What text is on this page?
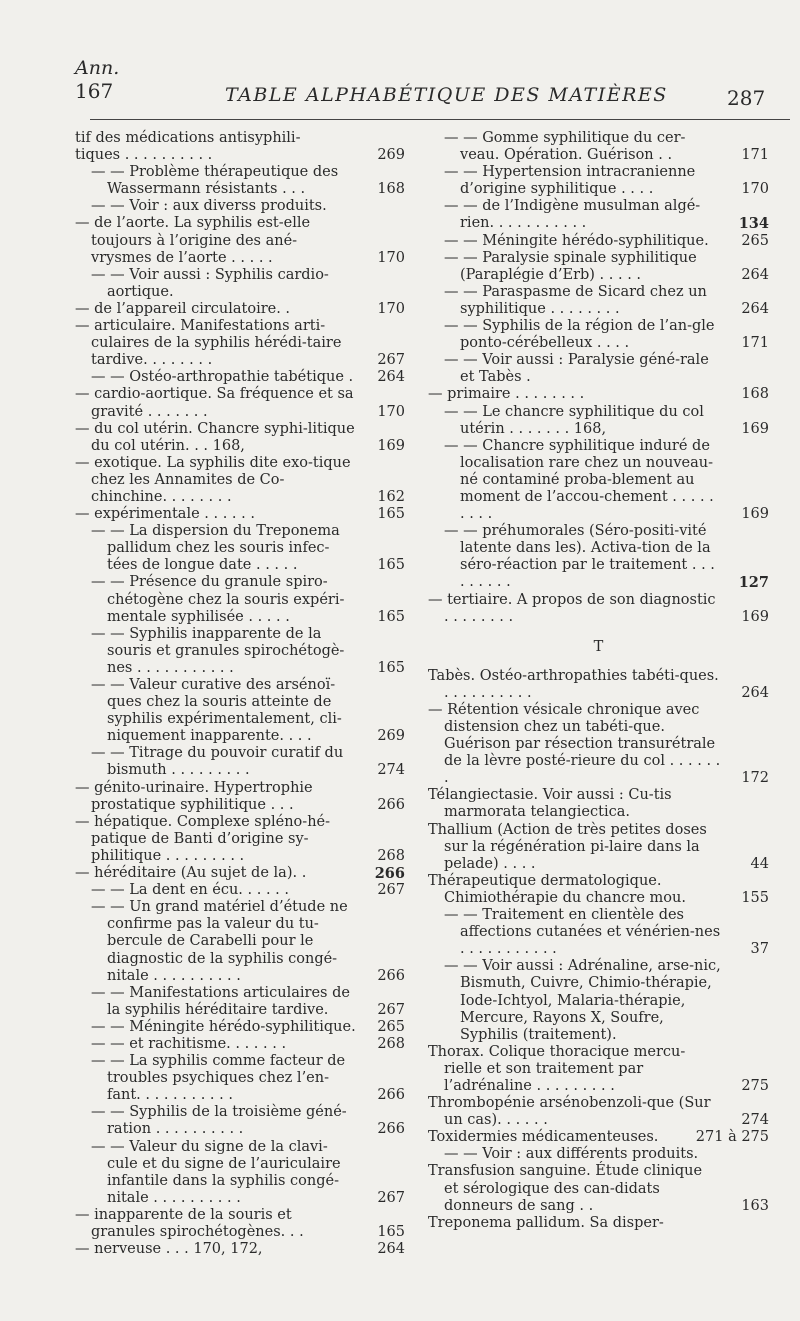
Ann.
167	TABLE ALPHABÉTIQUE DES MATIÈRES	287
tif des médications antisyphili-
tiques . . . . . . . . . .	269
— — Problème thérapeutique des Wassermann résistants . . .	168
— — Voir : aux diverss produits.
— de l’aorte. La syphilis est-elle toujours à l’origine des ané-vrysmes de l’aorte . . . . .	170
— — Voir aussi : Syphilis cardio-aortique.
— de l’appareil circulatoire. .	170
— articulaire. Manifestations arti-culaires de la syphilis hérédi-taire tardive. . . . . . . .	267
— — Ostéo-arthropathie tabétique .	264
— cardio-aortique. Sa fréquence et sa gravité . . . . . . .	170
— du col utérin. Chancre syphi-litique du col utérin. . . 168,	169
— exotique. La syphilis dite exo-tique chez les Annamites de Co-chinchine. . . . . . . .	162
— expérimentale . . . . . .	165
— — La dispersion du Treponema pallidum chez les souris infec-tées de longue date . . . . .	165
— — Présence du granule spiro-chétogène chez la souris expéri-mentale syphilisée . . . . .	165
— — Syphilis inapparente de la souris et granules spirochétogè-nes . . . . . . . . . . .	165
— — Valeur curative des arsénoï-ques chez la souris atteinte de syphilis expérimentalement, cli-niquement inapparente. . . .	269
— — Titrage du pouvoir curatif du bismuth . . . . . . . . .	274
— génito-urinaire. Hypertrophie prostatique syphilitique . . .	266
— hépatique. Complexe spléno-hé-patique de Banti d’origine sy-philitique . . . . . . . . .	268
— héréditaire (Au sujet de la). .	266
— — La dent en écu. . . . . .	267
— — Un grand matériel d’étude ne confirme pas la valeur du tu-bercule de Carabelli pour le diagnostic de la syphilis congé-nitale . . . . . . . . . .	266
— — Manifestations articulaires de la syphilis héréditaire tardive.	267
— — Méningite hérédo-syphilitique.	265
— — et rachitisme. . . . . . .	268
— — La syphilis comme facteur de troubles psychiques chez l’en-fant. . . . . . . . . . .	266
— — Syphilis de la troisième géné-ration . . . . . . . . . .	266
— — Valeur du signe de la clavi-cule et du signe de l’auriculaire infantile dans la syphilis congé-nitale . . . . . . . . . .	267
— inapparente de la souris et granules spirochétogènes. . .	165
— nerveuse . . . 170, 172,	264
— — Gomme syphilitique du cer-veau. Opération. Guérison . .	171
— — Hypertension intracranienne d’origine syphilitique . . . .	170
— — de l’Indigène musulman algé-rien. . . . . . . . . . .	134
— — Méningite hérédo-syphilitique.	265
— — Paralysie spinale syphilitique (Paraplégie d’Erb) . . . . .	264
— — Paraspasme de Sicard chez un syphilitique . . . . . . . .	264
— — Syphilis de la région de l’an-gle ponto-cérébelleux . . . .	171
— — Voir aussi : Paralysie géné-rale et Tabès .
— primaire . . . . . . . .	168
— — Le chancre syphilitique du col utérin . . . . . . . 168,	169
— — Chancre syphilitique induré de localisation rare chez un nouveau-né contaminé proba-blement au moment de l’accou-chement . . . . . . . . .	169
— — préhumorales (Séro-positi-vité latente dans les). Activa-tion de la séro-réaction par le traitement . . . . . . . . .	127
— tertiaire. A propos de son diagnostic . . . . . . . .	169
T
Tabès. Ostéo-arthropathies tabéti-ques. . . . . . . . . . .	264
— Rétention vésicale chronique avec distension chez un tabéti-que. Guérison par résection transurétrale de la lèvre posté-rieure du col . . . . . . .	172
Télangiectasie. Voir aussi : Cu-tis marmorata telangiectica.
Thallium (Action de très petites doses sur la régénération pi-laire dans la pelade) . . . .	44
Thérapeutique dermatologique. Chimiothérapie du chancre mou.	155
— — Traitement en clientèle des affections cutanées et vénérien-nes . . . . . . . . . . .	37
— — Voir aussi : Adrénaline, arse-nic, Bismuth, Cuivre, Chimio-thérapie, Iode-Ichtyol, Malaria-thérapie, Mercure, Rayons X, Soufre, Syphilis (traitement).
Thorax. Colique thoracique mercu-rielle et son traitement par l’adrénaline . . . . . . . . .	275
Thrombopénie arsénobenzoli-que (Sur un cas). . . . . .	274
Toxidermies médicamenteuses.	271 à 275
— — Voir : aux différents produits.
Transfusion sanguine. Étude clinique et sérologique des can-didats donneurs de sang . .	163
Treponema pallidum. Sa disper-
